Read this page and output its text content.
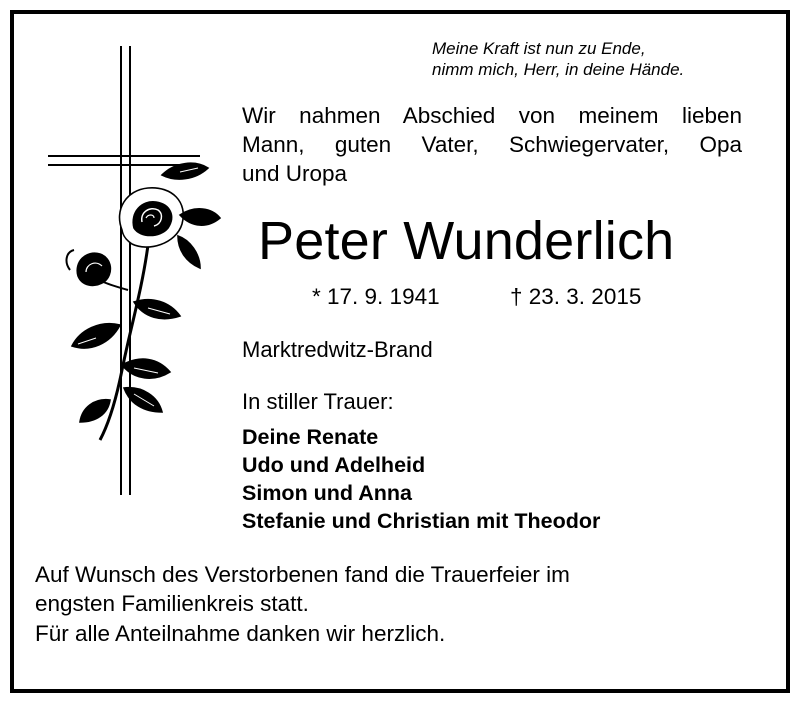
Meine Kraft ist nun zu Ende,
nimm mich, Herr, in deine Hände.
Wir nahmen Abschied von meinem lieben
Mann, guten Vater, Schwiegervater, Opa
und Uropa
Peter Wunderlich
* 17. 9. 1941	† 23. 3. 2015
Marktredwitz-Brand
In stiller Trauer:
Deine Renate
Udo und Adelheid
Simon und Anna
Stefanie und Christian mit Theodor
Auf Wunsch des Verstorbenen fand die Trauerfeier im
engsten Familienkreis statt.
Für alle Anteilnahme danken wir herzlich.
